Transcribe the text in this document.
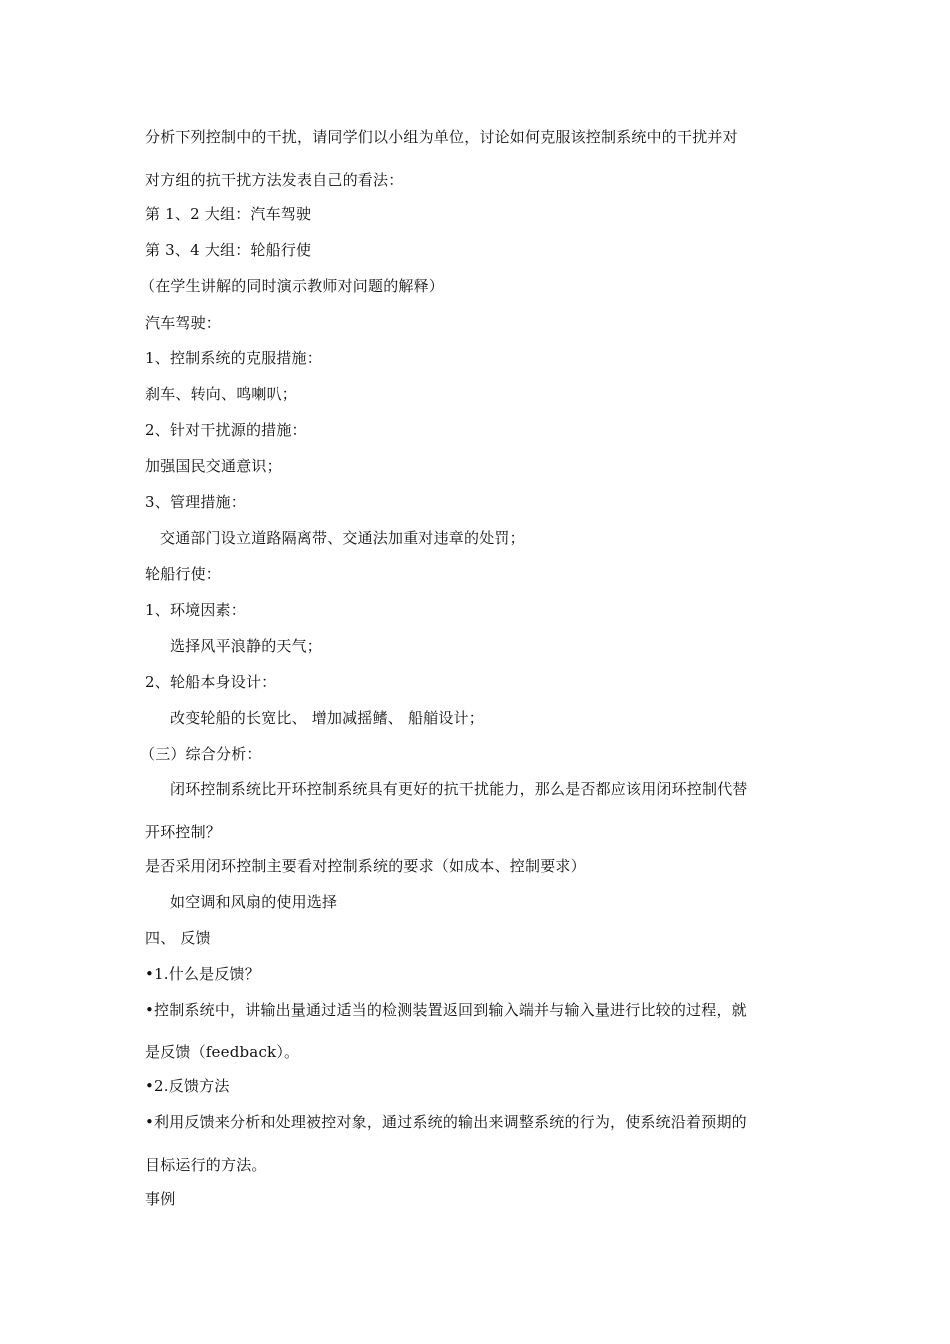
分析下列控制中的干扰，请同学们以小组为单位，讨论如何克服该控制系统中的干扰并对
对方组的抗干扰方法发表自己的看法：
第 1、2 大组：汽车驾驶
第 3、4 大组：轮船行使
（在学生讲解的同时演示教师对问题的解释）
汽车驾驶：
1、控制系统的克服措施：
刹车、转向、鸣喇叭；
2、针对干扰源的措施：
加强国民交通意识；
3、管理措施：
交通部门设立道路隔离带、交通法加重对违章的处罚；
轮船行使：
1、环境因素：
选择风平浪静的天气；
2、轮船本身设计：
改变轮船的长宽比、 增加减摇鳍、 船艏设计；
（三）综合分析：
闭环控制系统比开环控制系统具有更好的抗干扰能力，那么是否都应该用闭环控制代替
开环控制？
是否采用闭环控制主要看对控制系统的要求（如成本、控制要求）
如空调和风扇的使用选择
四、 反馈
•1.什么是反馈？
•控制系统中，讲输出量通过适当的检测装置返回到输入端并与输入量进行比较的过程，就
是反馈（feedback）。
•2.反馈方法
•利用反馈来分析和处理被控对象，通过系统的输出来调整系统的行为，使系统沿着预期的
目标运行的方法。
事例
